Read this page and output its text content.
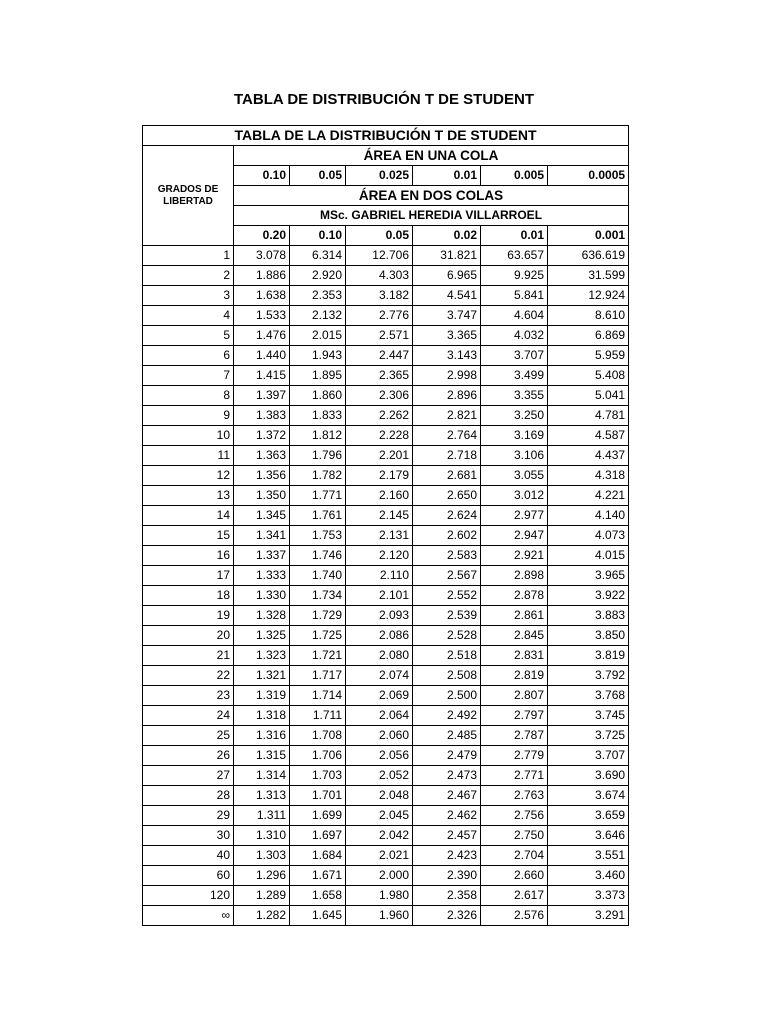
TABLA DE DISTRIBUCIÓN T DE STUDENT
TABLA DE LA DISTRIBUCIÓN T DE STUDENT						
GRADOS DE
LIBERTAD	ÁREA EN UNA COLA					
	0.10	0.05	0.025	0.01	0.005	0.0005
	ÁREA EN DOS COLAS					
	MSc. GABRIEL HEREDIA VILLARROEL					
	0.20	0.10	0.05	0.02	0.01	0.001
1	3.078	6.314	12.706	31.821	63.657	636.619
2	1.886	2.920	4.303	6.965	9.925	31.599
3	1.638	2.353	3.182	4.541	5.841	12.924
4	1.533	2.132	2.776	3.747	4.604	8.610
5	1.476	2.015	2.571	3.365	4.032	6.869
6	1.440	1.943	2.447	3.143	3.707	5.959
7	1.415	1.895	2.365	2.998	3.499	5.408
8	1.397	1.860	2.306	2.896	3.355	5.041
9	1.383	1.833	2.262	2.821	3.250	4.781
10	1.372	1.812	2.228	2.764	3.169	4.587
11	1.363	1.796	2.201	2.718	3.106	4.437
12	1.356	1.782	2.179	2.681	3.055	4.318
13	1.350	1.771	2.160	2.650	3.012	4.221
14	1.345	1.761	2.145	2.624	2.977	4.140
15	1.341	1.753	2.131	2.602	2.947	4.073
16	1.337	1.746	2.120	2.583	2.921	4.015
17	1.333	1.740	2.110	2.567	2.898	3.965
18	1.330	1.734	2.101	2.552	2.878	3.922
19	1.328	1.729	2.093	2.539	2.861	3.883
20	1.325	1.725	2.086	2.528	2.845	3.850
21	1.323	1.721	2.080	2.518	2.831	3.819
22	1.321	1.717	2.074	2.508	2.819	3.792
23	1.319	1.714	2.069	2.500	2.807	3.768
24	1.318	1.711	2.064	2.492	2.797	3.745
25	1.316	1.708	2.060	2.485	2.787	3.725
26	1.315	1.706	2.056	2.479	2.779	3.707
27	1.314	1.703	2.052	2.473	2.771	3.690
28	1.313	1.701	2.048	2.467	2.763	3.674
29	1.311	1.699	2.045	2.462	2.756	3.659
30	1.310	1.697	2.042	2.457	2.750	3.646
40	1.303	1.684	2.021	2.423	2.704	3.551
60	1.296	1.671	2.000	2.390	2.660	3.460
120	1.289	1.658	1.980	2.358	2.617	3.373
∞	1.282	1.645	1.960	2.326	2.576	3.291
